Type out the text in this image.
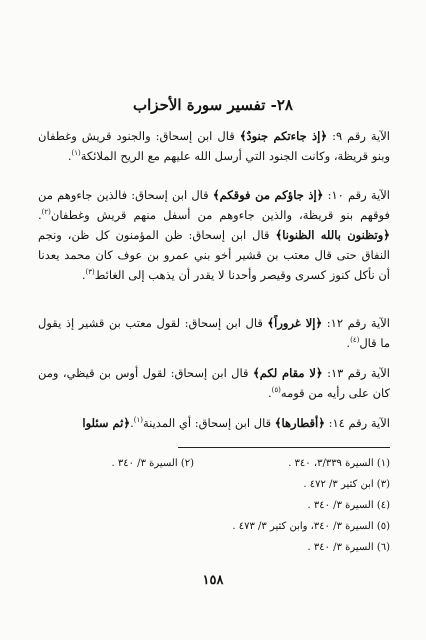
٢٨- تفسير سورة الأحزاب
الآية رقم ٩: ﴿إذ جاءتكم جنودٌ﴾ قال ابن إسحاق: والجنود قريش وغطفان وبنو قريظة، وكانت الجنود التي أرسل الله عليهم مع الريح الملائكة$^{(١)}$.
الآية رقم ١٠: ﴿إذ جاؤكم من فوقكم﴾ قال ابن إسحاق: فالذين جاءوهم من فوقهم بنو قريظة، والذين جاءوهم من أسفل منهم قريش وغطفان$^{(٢)}$.﴿وتظنون بالله الظنونا﴾ قال ابن إسحاق: ظن المؤمنون كل ظن، ونجم النفاق حتى قال معتب بن قشير أخو بني عمرو بن عوف كان محمد يعدنا أن نأكل كنوز كسرى وقيصر وأحدنا لا يقدر أن يذهب إلى الغائط$^{(٣)}$.
الآية رقم ١٢: ﴿إلا غروراً﴾ قال ابن إسحاق: لقول معتب بن قشير إذ يقول ما قال$^{(٤)}$.
الآية رقم ١٣: ﴿لا مقام لكم﴾ قال ابن إسحاق: لقول أوس بن قيظي، ومن كان على رأيه من قومه$^{(٥)}$.
الآية رقم ١٤: ﴿أقطارها﴾ قال ابن إسحاق: أي المدينة$^{(١)}$.﴿ثم سئلوا
(١) السيرة ٣/٣٣٩، ٣٤٠ .
(٢) السيرة ٣/ ٣٤٠ .
(٣) ابن كثير ٣/ ٤٧٢ .
(٤) السيرة ٣/ ٣٤٠ .
(٥) السيرة ٣/ ٣٤٠، وابن كثير ٣/ ٤٧٣ .
(٦) السيرة ٣/ ٣٤٠ .
١٥٨
